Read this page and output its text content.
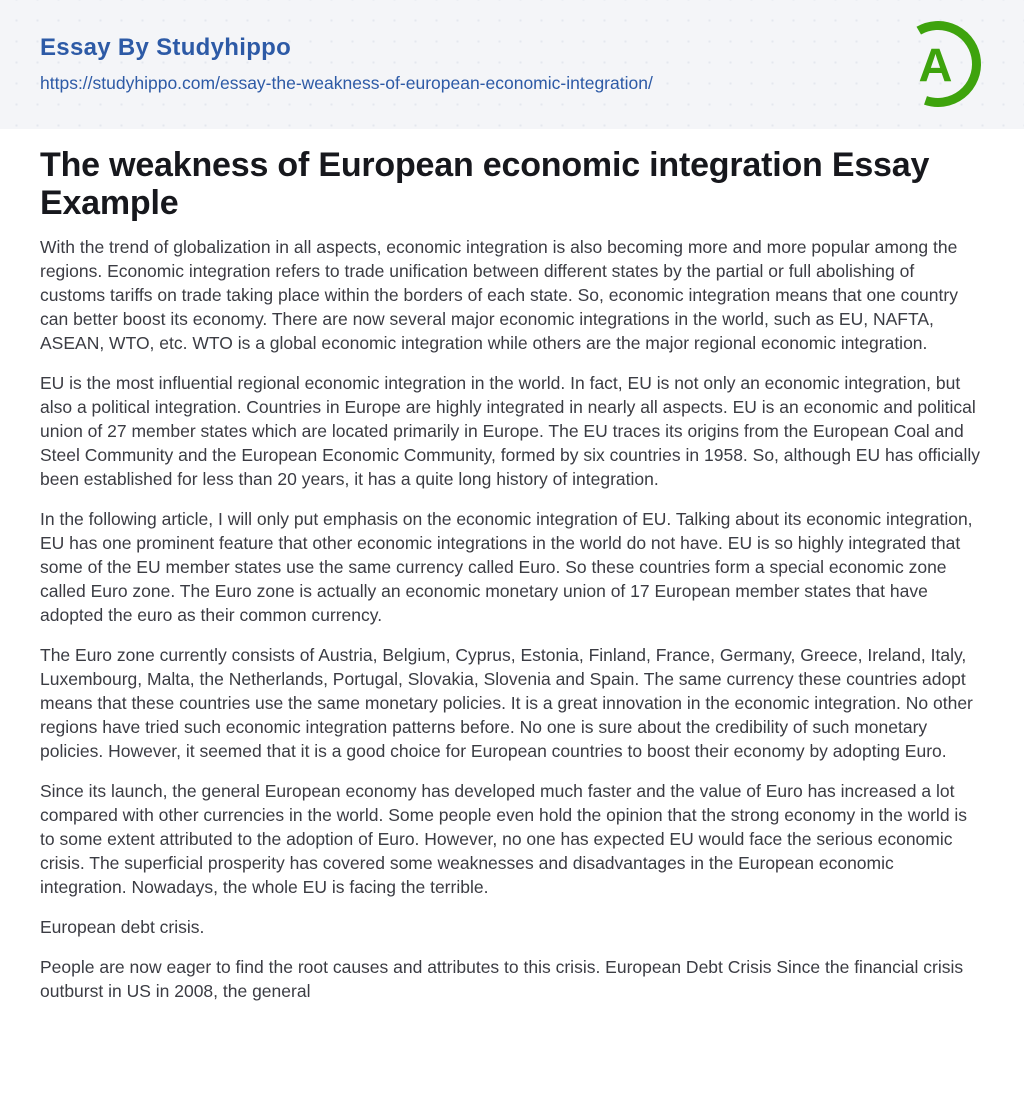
Essay By Studyhippo
https://studyhippo.com/essay-the-weakness-of-european-economic-integration/	A
The weakness of European economic integration Essay Example

With the trend of globalization in all aspects, economic integration is also becoming more and more popular among the regions. Economic integration refers to trade unification between different states by the partial or full abolishing of customs tariffs on trade taking place within the borders of each state. So, economic integration means that one country can better boost its economy. There are now several major economic integrations in the world, such as EU, NAFTA, ASEAN, WTO, etc. WTO is a global economic integration while others are the major regional economic integration.

EU is the most influential regional economic integration in the world. In fact, EU is not only an economic integration, but also a political integration. Countries in Europe are highly integrated in nearly all aspects. EU is an economic and political union of 27 member states which are located primarily in Europe. The EU traces its origins from the European Coal and Steel Community and the European Economic Community, formed by six countries in 1958. So, although EU has officially been established for less than 20 years, it has a quite long history of integration.

In the following article, I will only put emphasis on the economic integration of EU. Talking about its economic integration, EU has one prominent feature that other economic integrations in the world do not have. EU is so highly integrated that some of the EU member states use the same currency called Euro. So these countries form a special economic zone called Euro zone. The Euro zone is actually an economic monetary union of 17 European member states that have adopted the euro as their common currency.

The Euro zone currently consists of Austria, Belgium, Cyprus, Estonia, Finland, France, Germany, Greece, Ireland, Italy, Luxembourg, Malta, the Netherlands, Portugal, Slovakia, Slovenia and Spain. The same currency these countries adopt means that these countries use the same monetary policies. It is a great innovation in the economic integration. No other regions have tried such economic integration patterns before. No one is sure about the credibility of such monetary policies. However, it seemed that it is a good choice for European countries to boost their economy by adopting Euro.

Since its launch, the general European economy has developed much faster and the value of Euro has increased a lot compared with other currencies in the world. Some people even hold the opinion that the strong economy in the world is to some extent attributed to the adoption of Euro. However, no one has expected EU would face the serious economic crisis. The superficial prosperity has covered some weaknesses and disadvantages in the European economic integration. Nowadays, the whole EU is facing the terrible.

European debt crisis.

People are now eager to find the root causes and attributes to this crisis. European Debt Crisis Since the financial crisis outburst in US in 2008, the general
